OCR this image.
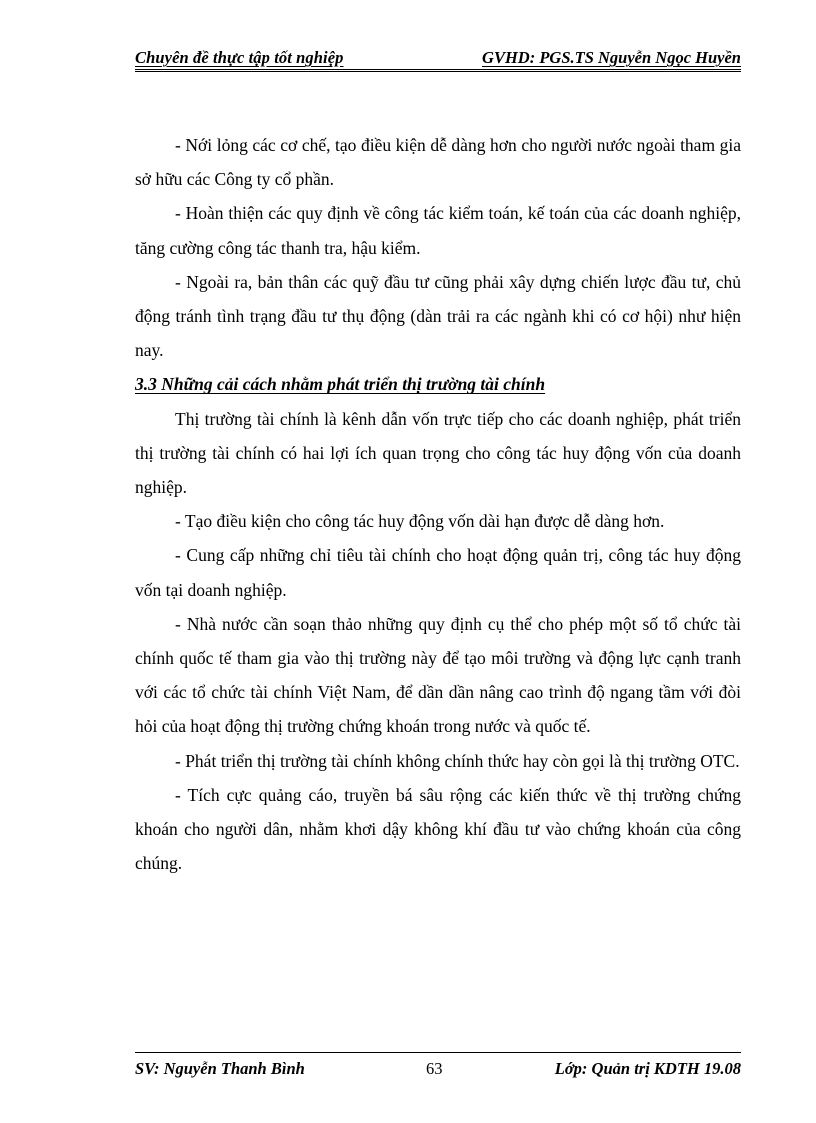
Chuyên đề thực tập tốt nghiệp	GVHD: PGS.TS Nguyễn Ngọc Huyền

- Nới lỏng các cơ chế, tạo điều kiện dễ dàng hơn cho người nước ngoài tham gia sở hữu các Công ty cổ phần.

- Hoàn thiện các quy định về công tác kiểm toán, kế toán của các doanh nghiệp, tăng cường công tác thanh tra, hậu kiểm.

- Ngoài ra, bản thân các quỹ đầu tư cũng phải xây dựng chiến lược đầu tư, chủ động tránh tình trạng đầu tư thụ động (dàn trải ra các ngành khi có cơ hội) như hiện nay.

3.3 Những cải cách nhằm phát triển thị trường tài chính

Thị trường tài chính là kênh dẫn vốn trực tiếp cho các doanh nghiệp, phát triển thị trường tài chính có hai lợi ích quan trọng cho công tác huy động vốn của doanh nghiệp.

- Tạo điều kiện cho công tác huy động vốn dài hạn được dễ dàng hơn.

- Cung cấp những chỉ tiêu tài chính cho hoạt động quản trị, công tác huy động vốn tại doanh nghiệp.

- Nhà nước cần soạn thảo những quy định cụ thể cho phép một số tổ chức tài chính quốc tế tham gia vào thị trường này để tạo môi trường và động lực cạnh tranh với các tổ chức tài chính Việt Nam, để dần dần nâng cao trình độ ngang tầm với đòi hỏi của hoạt động thị trường chứng khoán trong nước và quốc tế.

- Phát triển thị trường tài chính không chính thức hay còn gọi là thị trường OTC.

- Tích cực quảng cáo, truyền bá sâu rộng các kiến thức về thị trường chứng khoán cho người dân, nhằm khơi dậy không khí đầu tư vào chứng khoán của công chúng.

SV: Nguyễn Thanh Bình	63	Lớp: Quản trị KDTH 19.08
